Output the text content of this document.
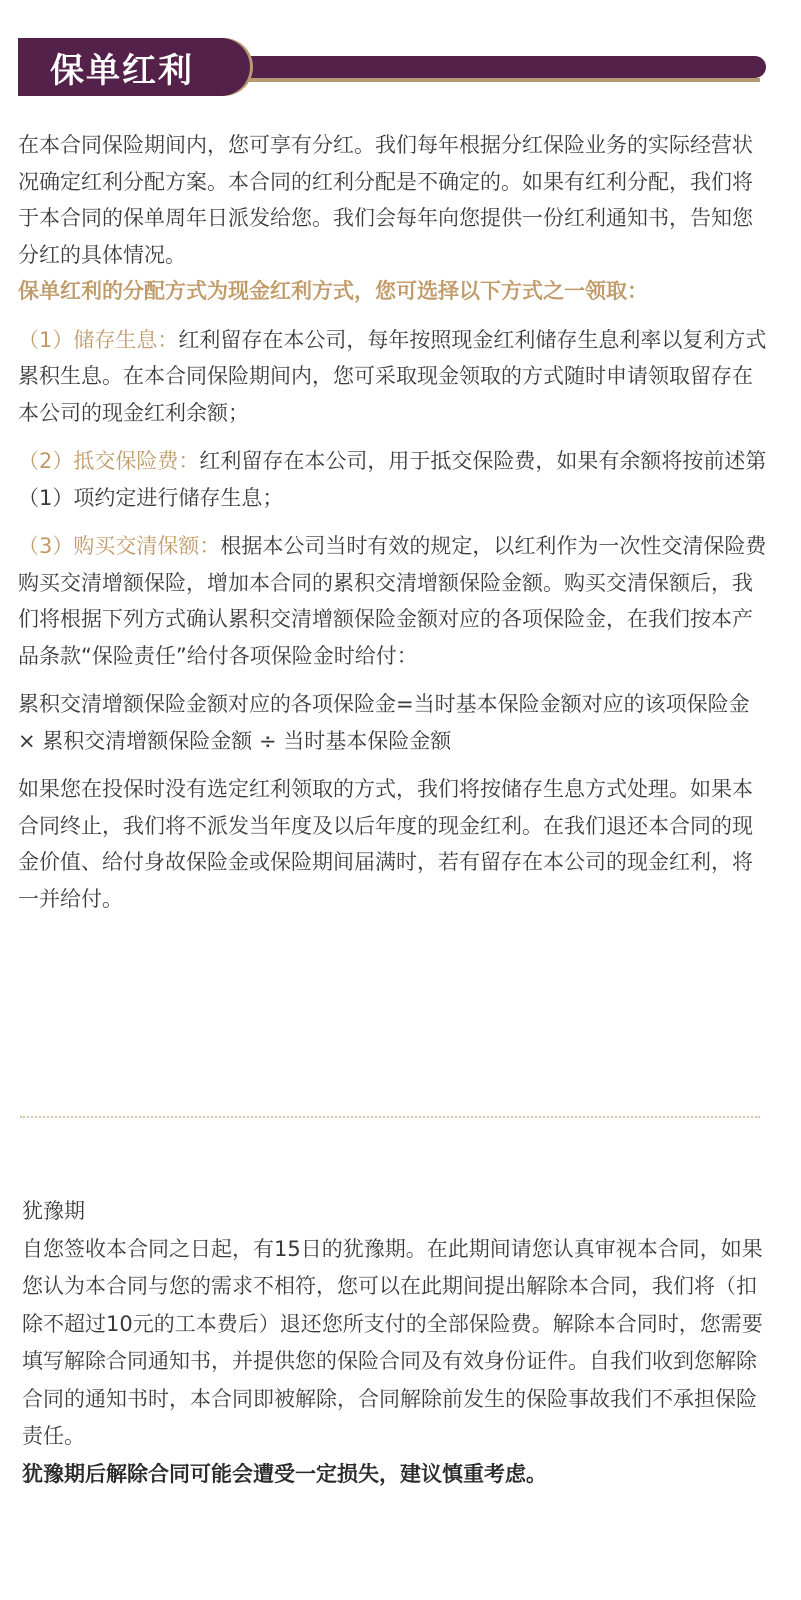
保单红利

在本合同保险期间内，您可享有分红。我们每年根据分红保险业务的实际经营状况确定红利分配方案。本合同的红利分配是不确定的。如果有红利分配，我们将于本合同的保单周年日派发给您。我们会每年向您提供一份红利通知书，告知您分红的具体情况。

保单红利的分配方式为现金红利方式，您可选择以下方式之一领取：

（1）储存生息：红利留存在本公司，每年按照现金红利储存生息利率以复利方式累积生息。在本合同保险期间内，您可采取现金领取的方式随时申请领取留存在本公司的现金红利余额；

（2）抵交保险费：红利留存在本公司，用于抵交保险费，如果有余额将按前述第（1）项约定进行储存生息；

（3）购买交清保额：根据本公司当时有效的规定，以红利作为一次性交清保险费购买交清增额保险，增加本合同的累积交清增额保险金额。购买交清保额后，我们将根据下列方式确认累积交清增额保险金额对应的各项保险金，在我们按本产品条款“保险责任”给付各项保险金时给付：

累积交清增额保险金额对应的各项保险金=当时基本保险金额对应的该项保险金 × 累积交清增额保险金额 ÷ 当时基本保险金额

如果您在投保时没有选定红利领取的方式，我们将按储存生息方式处理。如果本合同终止，我们将不派发当年度及以后年度的现金红利。在我们退还本合同的现金价值、给付身故保险金或保险期间届满时，若有留存在本公司的现金红利，将一并给付。

犹豫期

自您签收本合同之日起，有15日的犹豫期。在此期间请您认真审视本合同，如果您认为本合同与您的需求不相符，您可以在此期间提出解除本合同，我们将（扣除不超过10元的工本费后）退还您所支付的全部保险费。解除本合同时，您需要填写解除合同通知书，并提供您的保险合同及有效身份证件。自我们收到您解除合同的通知书时，本合同即被解除，合同解除前发生的保险事故我们不承担保险责任。

犹豫期后解除合同可能会遭受一定损失，建议慎重考虑。
